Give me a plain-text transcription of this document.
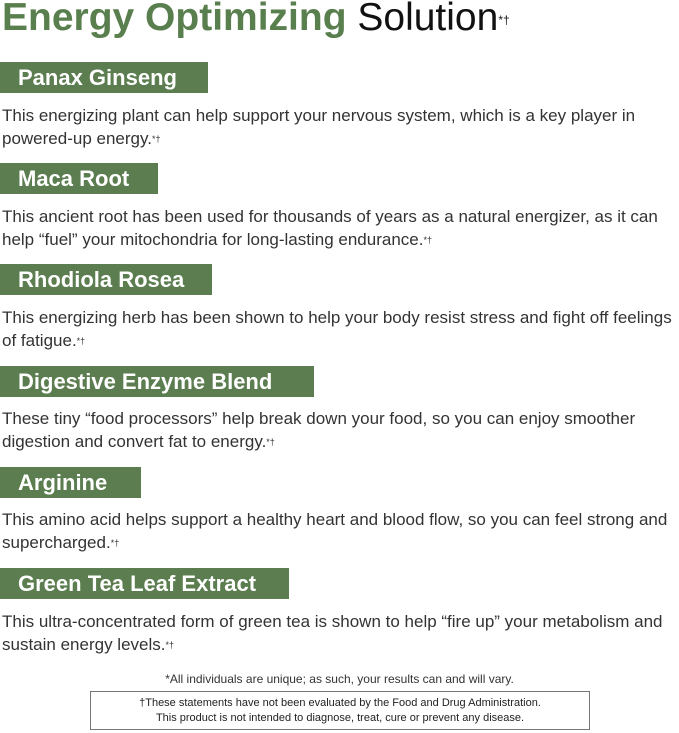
Energy Optimizing Solution*†
Panax Ginseng

This energizing plant can help support your nervous system, which is a key player in powered-up energy.*†

Maca Root

This ancient root has been used for thousands of years as a natural energizer, as it can help “fuel” your mitochondria for long-lasting endurance.*†

Rhodiola Rosea

This energizing herb has been shown to help your body resist stress and fight off feelings of fatigue.*†

Digestive Enzyme Blend

These tiny “food processors” help break down your food, so you can enjoy smoother digestion and convert fat to energy.*†

Arginine

This amino acid helps support a healthy heart and blood flow, so you can feel strong and supercharged.*†

Green Tea Leaf Extract

This ultra-concentrated form of green tea is shown to help “fire up” your metabolism and sustain energy levels.*†

*All individuals are unique; as such, your results can and will vary.

†These statements have not been evaluated by the Food and Drug Administration.
This product is not intended to diagnose, treat, cure or prevent any disease.
